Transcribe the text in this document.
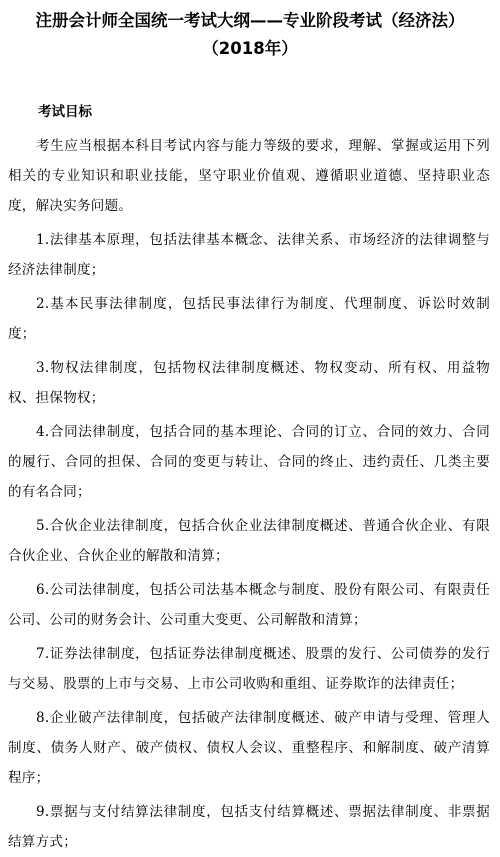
注册会计师全国统一考试大纲——专业阶段考试（经济法）
（2018年）
考试目标

考生应当根据本科目考试内容与能力等级的要求，理解、掌握或运用下列相关的专业知识和职业技能，坚守职业价值观、遵循职业道德、坚持职业态度，解决实务问题。

1.法律基本原理，包括法律基本概念、法律关系、市场经济的法律调整与经济法律制度；

2.基本民事法律制度，包括民事法律行为制度、代理制度、诉讼时效制度；

3.物权法律制度，包括物权法律制度概述、物权变动、所有权、用益物权、担保物权；

4.合同法律制度，包括合同的基本理论、合同的订立、合同的效力、合同的履行、合同的担保、合同的变更与转让、合同的终止、违约责任、几类主要的有名合同；

5.合伙企业法律制度，包括合伙企业法律制度概述、普通合伙企业、有限合伙企业、合伙企业的解散和清算；

6.公司法律制度，包括公司法基本概念与制度、股份有限公司、有限责任公司、公司的财务会计、公司重大变更、公司解散和清算；

7.证券法律制度，包括证券法律制度概述、股票的发行、公司债券的发行与交易、股票的上市与交易、上市公司收购和重组、证券欺诈的法律责任；

8.企业破产法律制度，包括破产法律制度概述、破产申请与受理、管理人制度、债务人财产、破产债权、债权人会议、重整程序、和解制度、破产清算程序；

9.票据与支付结算法律制度，包括支付结算概述、票据法律制度、非票据结算方式；
